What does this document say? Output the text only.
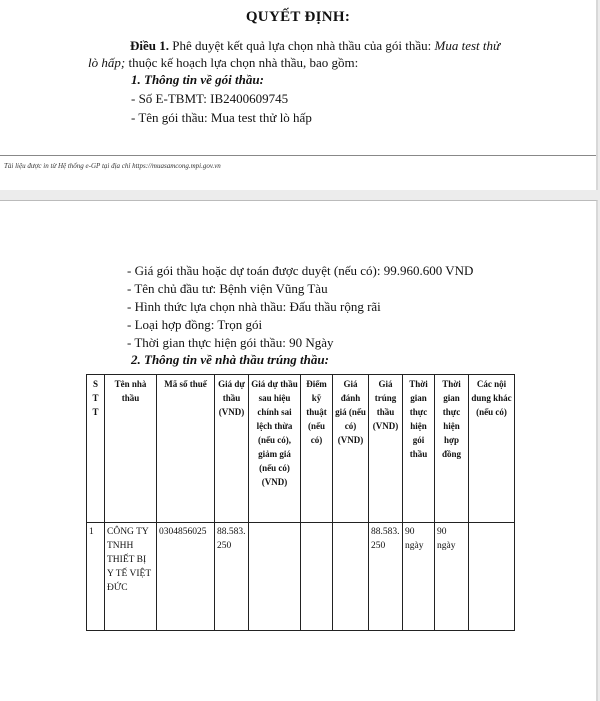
QUYẾT ĐỊNH:
Điều 1. Phê duyệt kết quả lựa chọn nhà thầu của gói thầu: Mua test thử
lò hấp; thuộc kế hoạch lựa chọn nhà thầu, bao gồm:
1. Thông tin về gói thầu:
- Số E-TBMT: IB2400609745
- Tên gói thầu: Mua test thử lò hấp
Tài liệu được in từ Hệ thống e-GP tại địa chỉ https://muasamcong.mpi.gov.vn
- Giá gói thầu hoặc dự toán được duyệt (nếu có): 99.960.600 VND
- Tên chủ đầu tư: Bệnh viện Vũng Tàu
- Hình thức lựa chọn nhà thầu: Đấu thầu rộng rãi
- Loại hợp đồng: Trọn gói
- Thời gian thực hiện gói thầu: 90 Ngày
2. Thông tin về nhà thầu trúng thầu:
S T T	Tên nhà thầu	Mã số thuế	Giá dự thầu (VND)	Giá dự thầu sau hiệu chính sai lệch thừa (nếu có), giảm giá (nếu có) (VND)	Điểm kỹ thuật (nếu có)	Giá đánh giá (nếu có) (VND)	Giá trúng thầu (VND)	Thời gian thực hiện gói thầu	Thời gian thực hiện hợp đồng	Các nội dung khác (nếu có)
1	CÔNG TY TNHH THIẾT BỊ Y TẾ VIỆT ĐỨC	0304856025	88.583.250				88.583.250	90 ngày	90 ngày	
